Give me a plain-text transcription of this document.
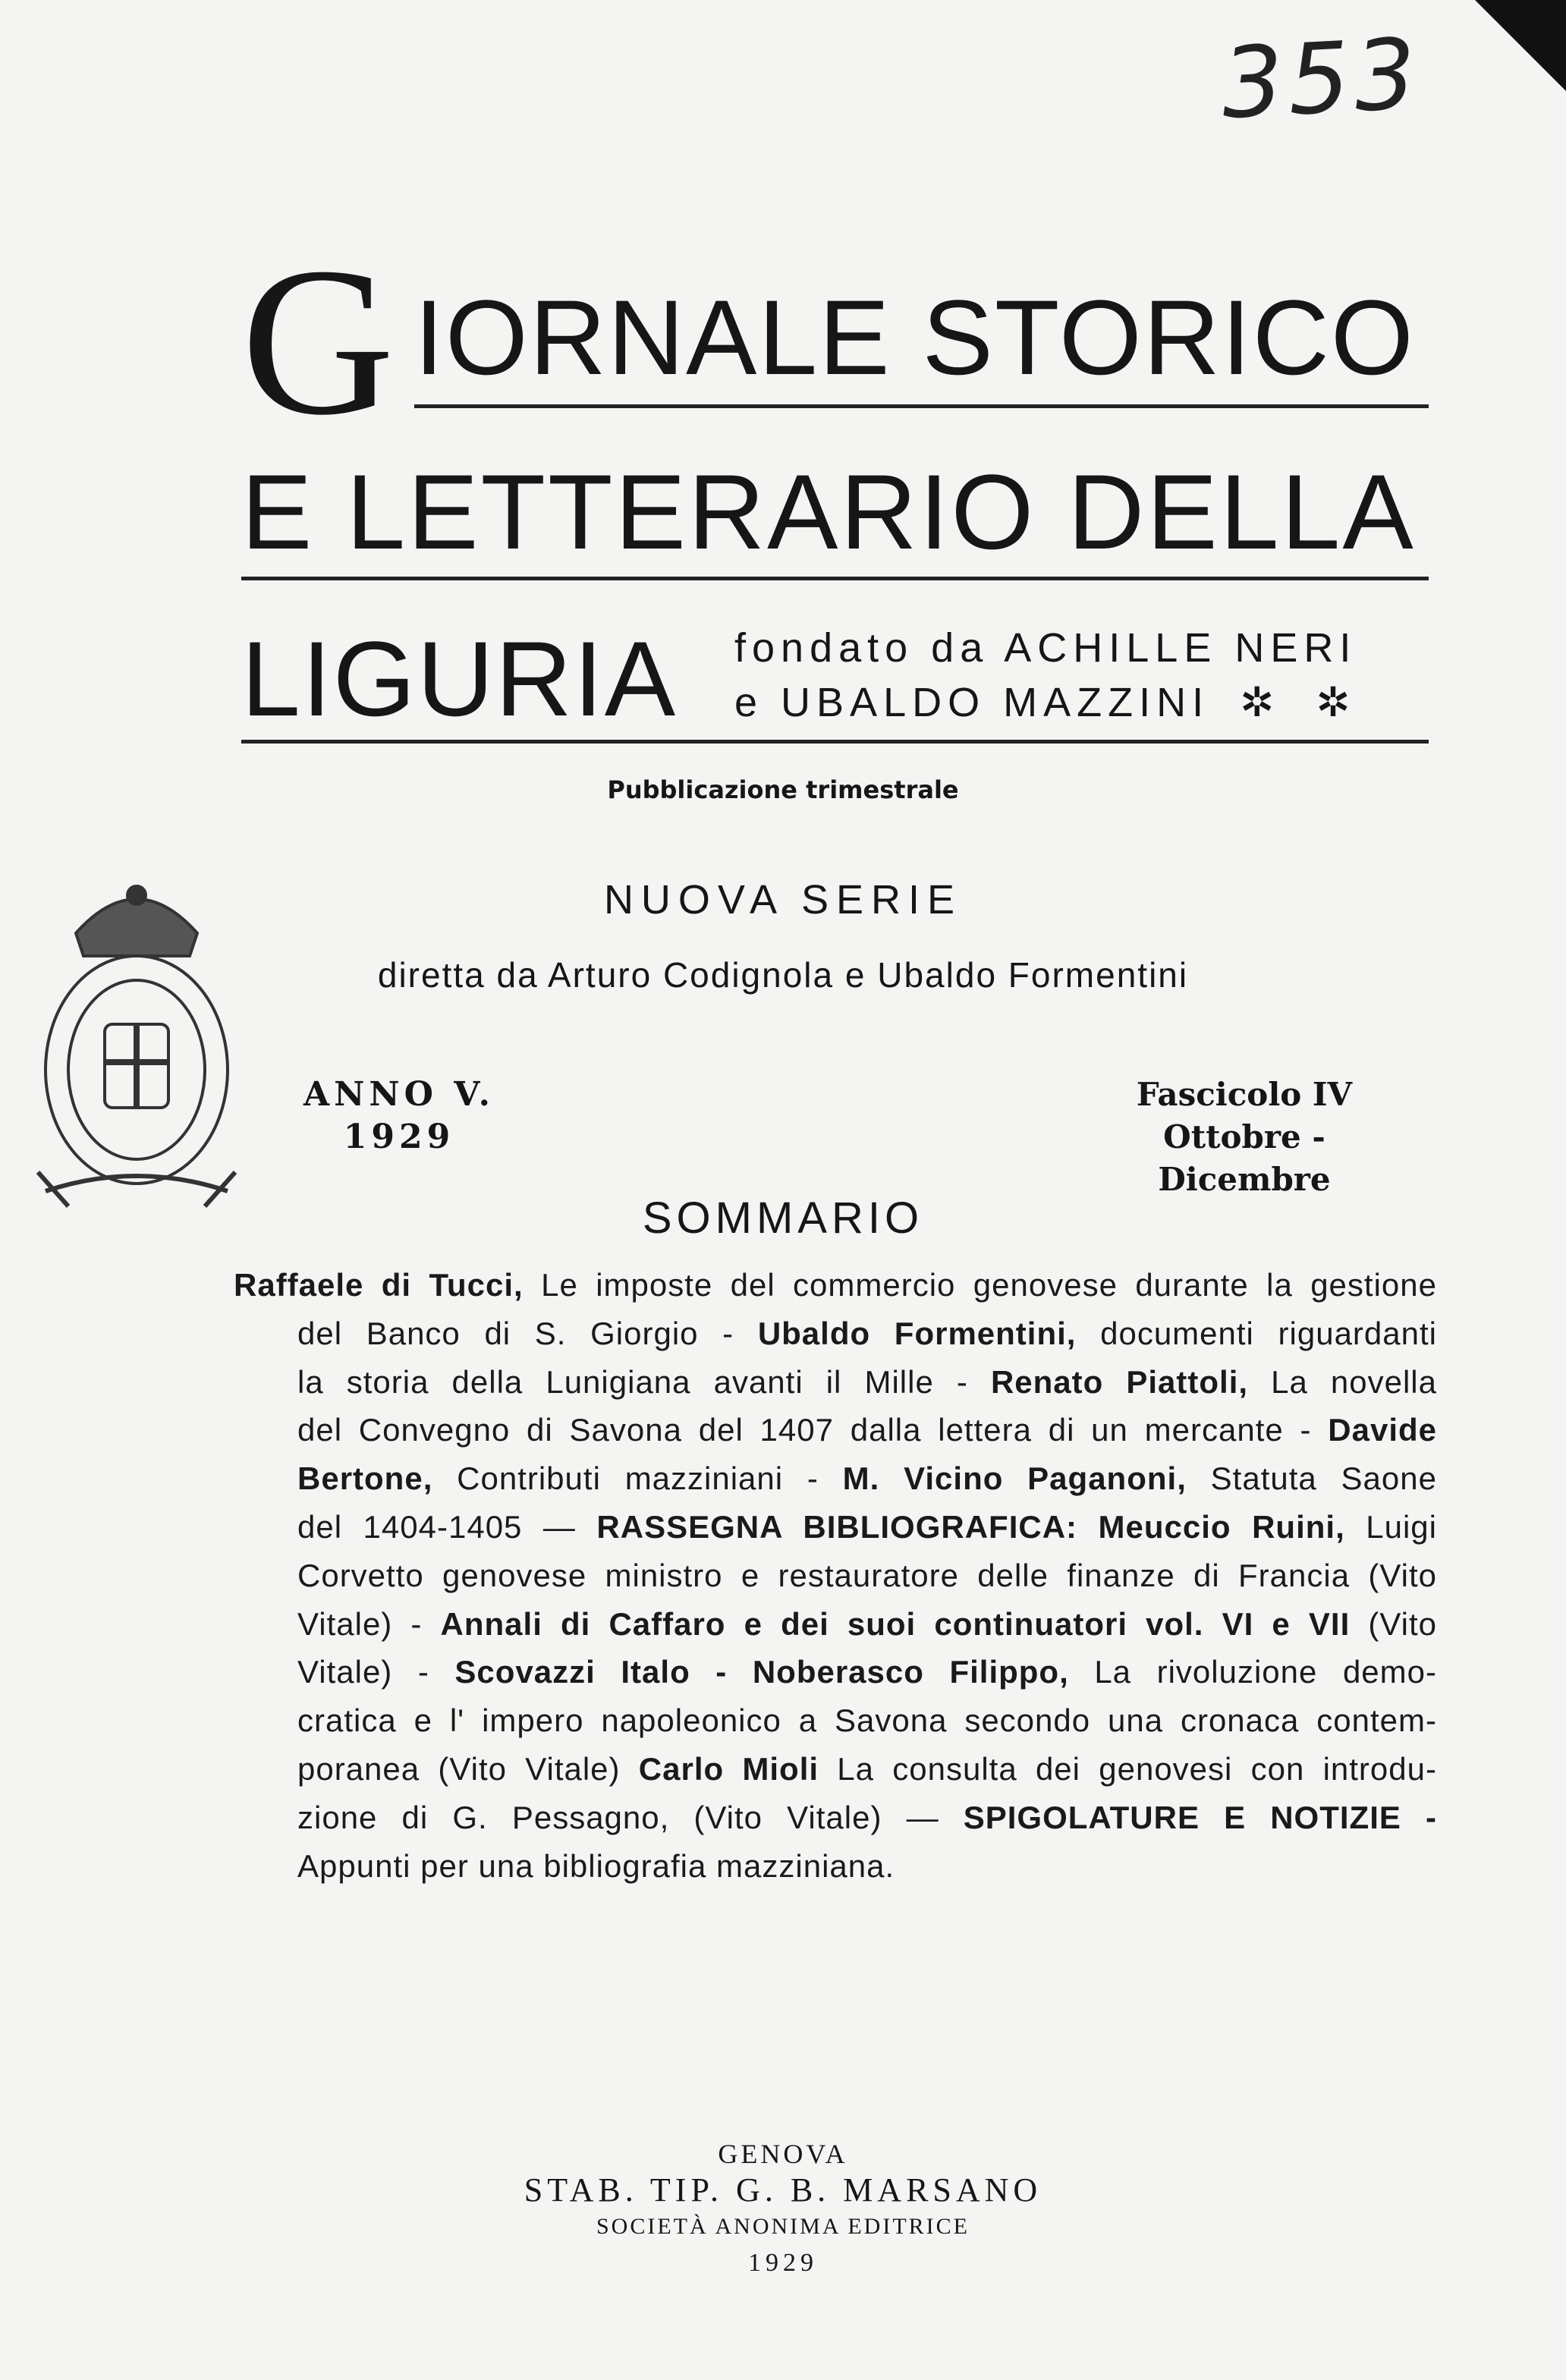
353
G IORNALE STORICO
E LETTERARIO DELLA
LIGURIA fondato da ACHILLE NERI
e UBALDO MAZZINI ✲ ✲
Pubblicazione trimestrale
NUOVA SERIE
diretta da Arturo Codignola e Ubaldo Formentini
ANNO V.
1929
Fascicolo IV
Ottobre - Dicembre
SOMMARIO
Raffaele di Tucci, Le imposte del commercio genovese durante la gestione
del Banco di S. Giorgio - Ubaldo Formentini, documenti riguardanti
la storia della Lunigiana avanti il Mille - Renato Piattoli, La novella
del Convegno di Savona del 1407 dalla lettera di un mercante - Davide
Bertone, Contributi mazziniani - M. Vicino Paganoni, Statuta Saone
del 1404-1405 — RASSEGNA BIBLIOGRAFICA: Meuccio Ruini, Luigi
Corvetto genovese ministro e restauratore delle finanze di Francia (Vito
Vitale) - Annali di Caffaro e dei suoi continuatori vol. VI e VII (Vito
Vitale) - Scovazzi Italo - Noberasco Filippo, La rivoluzione demo-
cratica e l' impero napoleonico a Savona secondo una cronaca contem-
poranea (Vito Vitale) Carlo Mioli La consulta dei genovesi con introdu-
zione di G. Pessagno, (Vito Vitale) — SPIGOLATURE E NOTIZIE -
Appunti per una bibliografia mazziniana.
GENOVA
STAB. TIP. G. B. MARSANO
SOCIETÀ ANONIMA EDITRICE
1929
